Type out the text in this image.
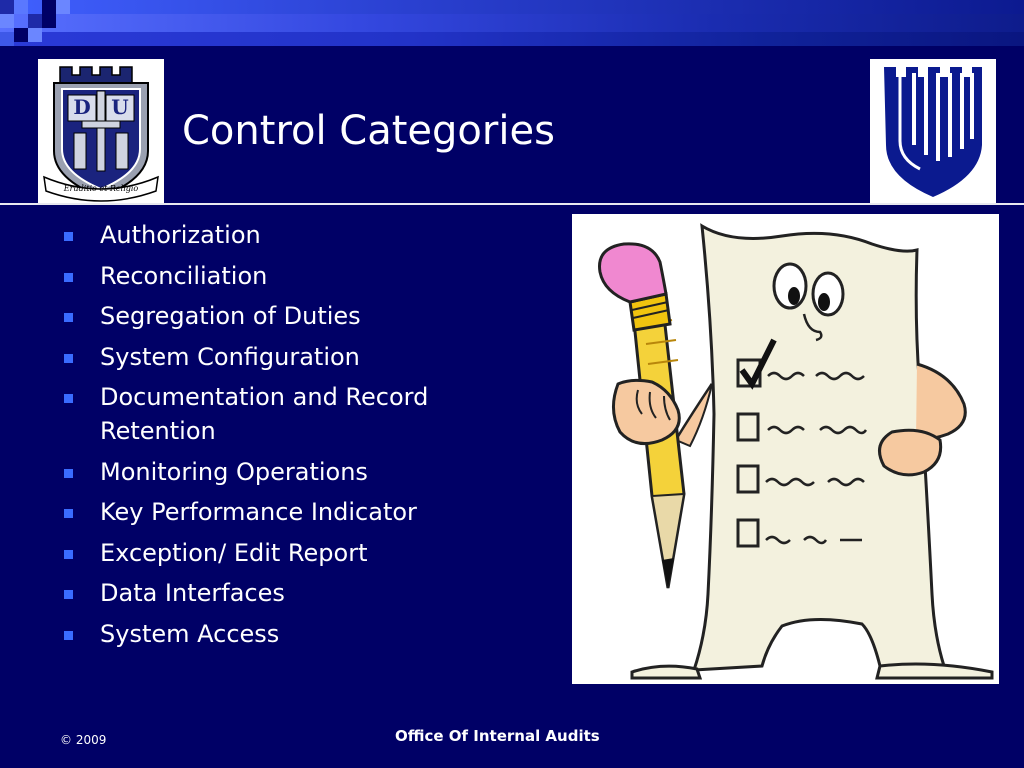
D U
Eruditio et Religio
Control Categories
Authorization
Reconciliation
Segregation of Duties
System Configuration
Documentation and Record Retention
Monitoring Operations
Key Performance Indicator
Exception/ Edit Report
Data Interfaces
System Access
© 2009	Office Of Internal Audits
